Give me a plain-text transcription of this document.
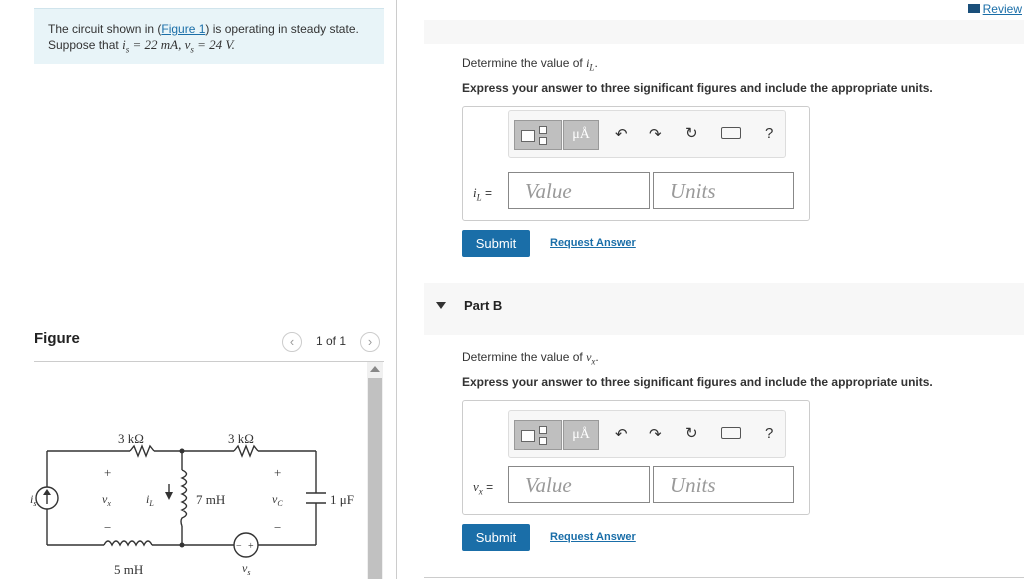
The circuit shown in (Figure 1) is operating in steady state. Suppose that $i_s = 22$ mA, $v_s = 24$ V.
Figure	‹	1 of 1	›
3 kΩ	3 kΩ
7 mH
5 mH
1 μF
+
−
+
−
− +
$i_s$	$v_x$	$i_L$	$v_C$
$v_s$
Review
Determine the value of $i_L$.
Express your answer to three significant figures and include the appropriate units.
μÅ	↶ ↷ ↻	?
$i_L$ =	Value	Units
Submit	Request Answer
Part B
Determine the value of $v_x$.
Express your answer to three significant figures and include the appropriate units.
μÅ	↶ ↷ ↻	?
$v_x$ =	Value	Units
Submit	Request Answer
